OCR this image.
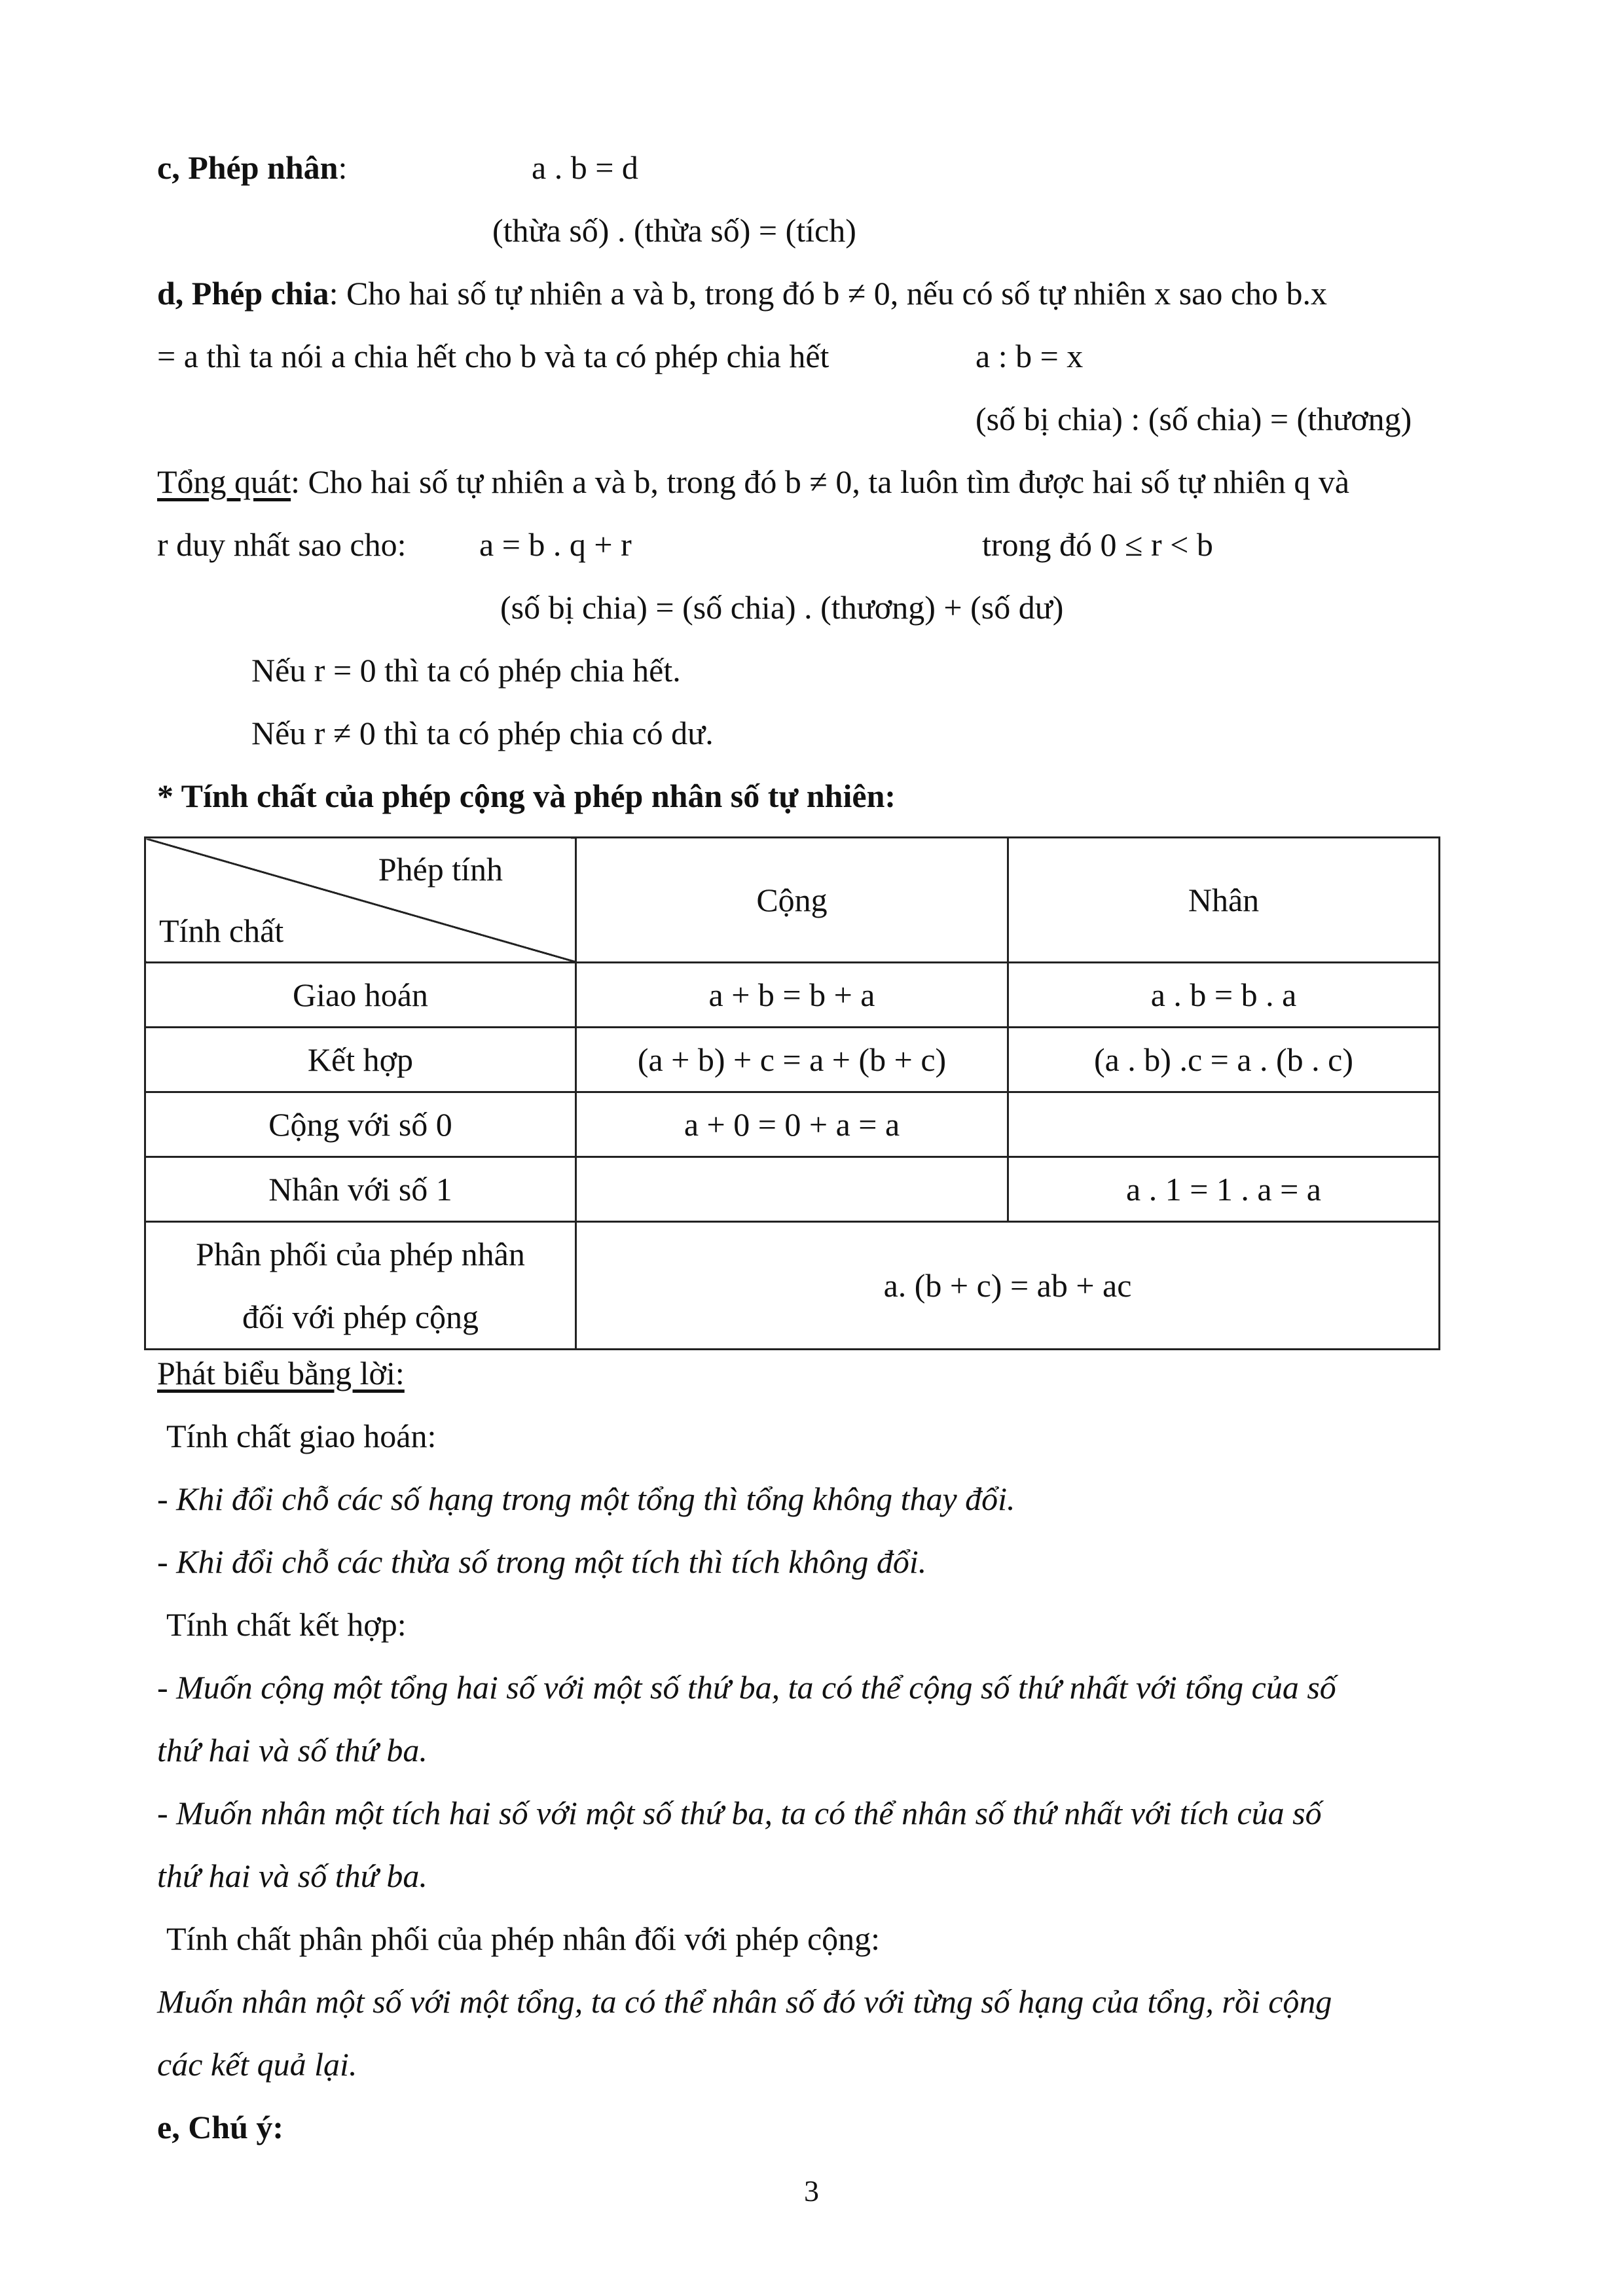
c, Phép nhân:	a . b = d
(thừa số) . (thừa số) = (tích)
d, Phép chia: Cho hai số tự nhiên a và b, trong đó b ≠ 0, nếu có số tự nhiên x sao cho b.x
= a thì ta nói a chia hết cho b và ta có phép chia hết	a : b = x
(số bị chia) : (số chia) = (thương)
Tổng quát: Cho hai số tự nhiên a và b, trong đó b ≠ 0, ta luôn tìm được hai số tự nhiên q và
r duy nhất sao cho: a = b . q + r	trong đó 0 ≤ r < b
(số bị chia) = (số chia) . (thương) + (số dư)
Nếu r = 0 thì ta có phép chia hết.
Nếu r ≠ 0 thì ta có phép chia có dư.
* Tính chất của phép cộng và phép nhân số tự nhiên:
Phép tính
Tính chất	Cộng	Nhân
Giao hoán	a + b = b + a	a . b = b . a
Kết hợp	(a + b) + c = a + (b + c)	(a . b) .c = a . (b . c)
Cộng với số 0	a + 0 = 0 + a = a	
Nhân với số 1		a . 1 = 1 . a = a

Phân phối của phép nhân
đối với phép cộng	a. (b + c) = ab + ac	
Phát biểu bằng lời:
Tính chất giao hoán:
- Khi đổi chỗ các số hạng trong một tổng thì tổng không thay đổi.
- Khi đổi chỗ các thừa số trong một tích thì tích không đổi.
Tính chất kết hợp:
- Muốn cộng một tổng hai số với một số thứ ba, ta có thể cộng số thứ nhất với tổng của số
thứ hai và số thứ ba.
- Muốn nhân một tích hai số với một số thứ ba, ta có thể nhân số thứ nhất với tích của số
thứ hai và số thứ ba.
Tính chất phân phối của phép nhân đối với phép cộng:
Muốn nhân một số với một tổng, ta có thể nhân số đó với từng số hạng của tổng, rồi cộng
các kết quả lại.
e, Chú ý:
3
